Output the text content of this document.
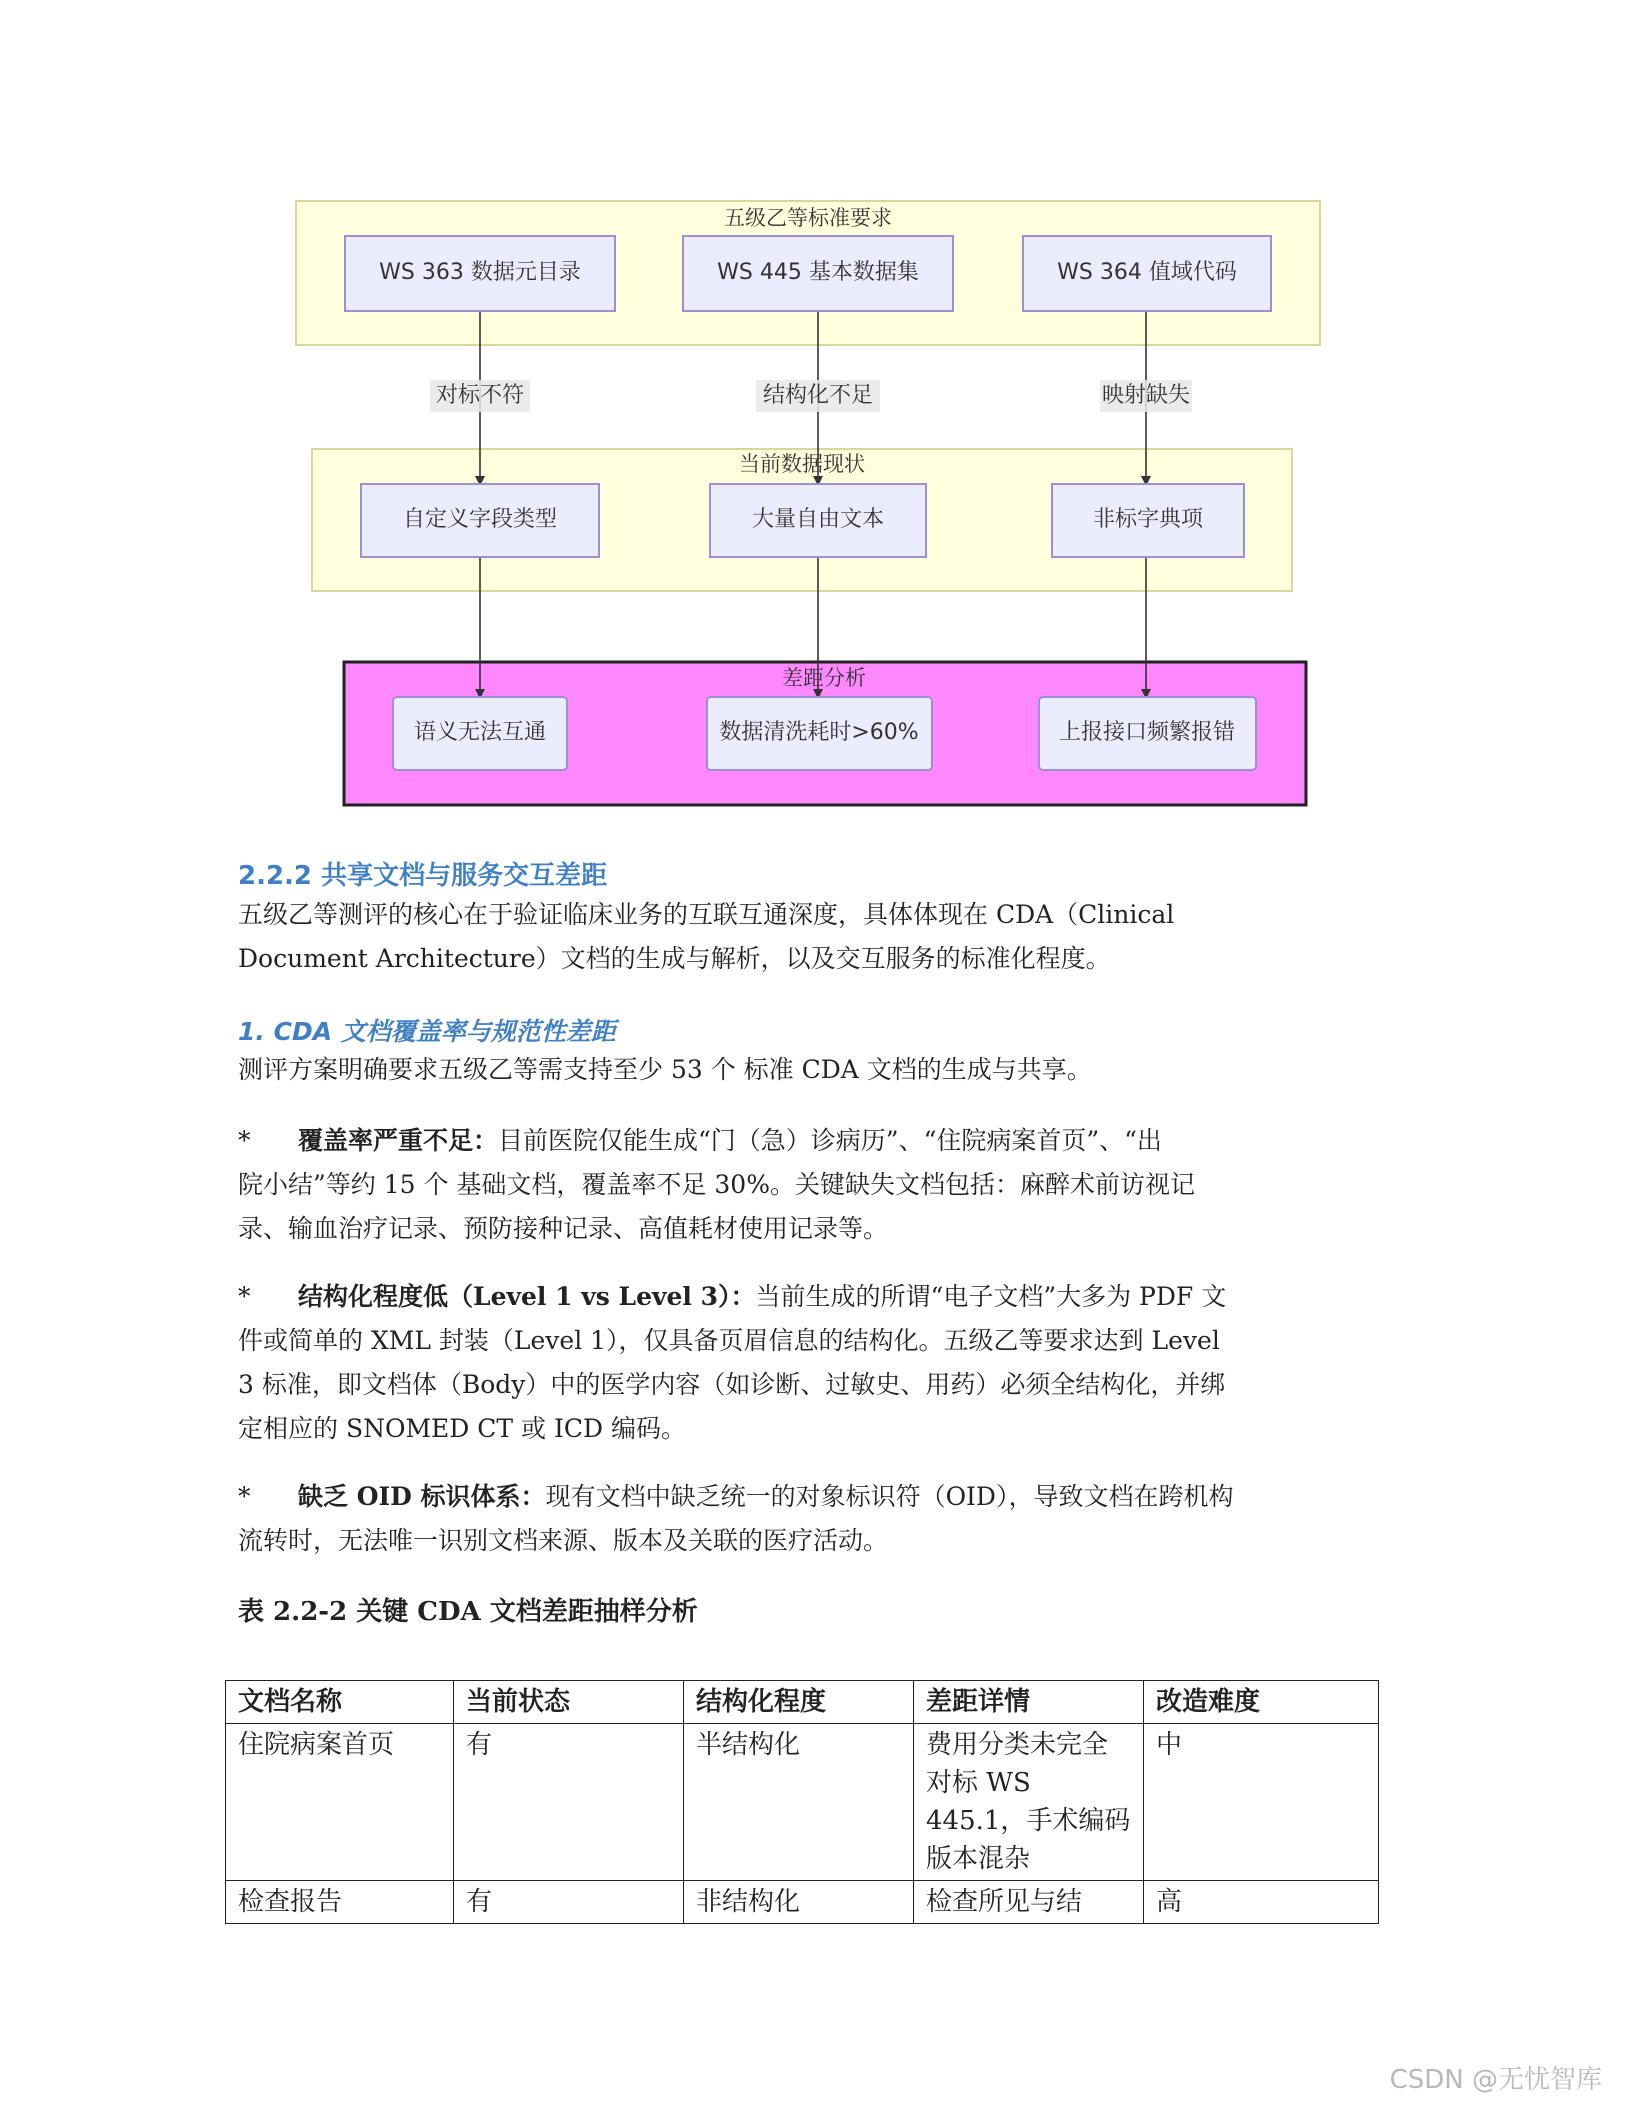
五级乙等标准要求
对标不符	结构化不足	映射缺失
当前数据现状
差距分析
WS 363 数据元目录	WS 445 基本数据集	WS 364 值域代码
自定义字段类型	大量自由文本	非标字典项
语义无法互通	数据清洗耗时>60%	上报接口频繁报错
2.2.2 共享文档与服务交互差距
五级乙等测评的核心在于验证临床业务的互联互通深度，具体体现在 CDA（Clinical
Document Architecture）文档的生成与解析，以及交互服务的标准化程度。
1. CDA 文档覆盖率与规范性差距
测评方案明确要求五级乙等需支持至少 53 个 标准 CDA 文档的生成与共享。
* 覆盖率严重不足：目前医院仅能生成“门（急）诊病历”、“住院病案首页”、“出
院小结”等约 15 个 基础文档，覆盖率不足 30%。关键缺失文档包括：麻醉术前访视记
录、输血治疗记录、预防接种记录、高值耗材使用记录等。
* 结构化程度低（Level 1 vs Level 3）：当前生成的所谓“电子文档”大多为 PDF 文
件或简单的 XML 封装（Level 1），仅具备页眉信息的结构化。五级乙等要求达到 Level
3 标准，即文档体（Body）中的医学内容（如诊断、过敏史、用药）必须全结构化，并绑
定相应的 SNOMED CT 或 ICD 编码。
* 缺乏 OID 标识体系：现有文档中缺乏统一的对象标识符（OID），导致文档在跨机构
流转时，无法唯一识别文档来源、版本及关联的医疗活动。
表 2.2-2 关键 CDA 文档差距抽样分析
文档名称	当前状态	结构化程度	差距详情	改造难度
住院病案首页	有	半结构化	费用分类未完全对标 WS 445.1，手术编码版本混杂	中
检查报告	有	非结构化	检查所见与结	高
CSDN @无忧智库
